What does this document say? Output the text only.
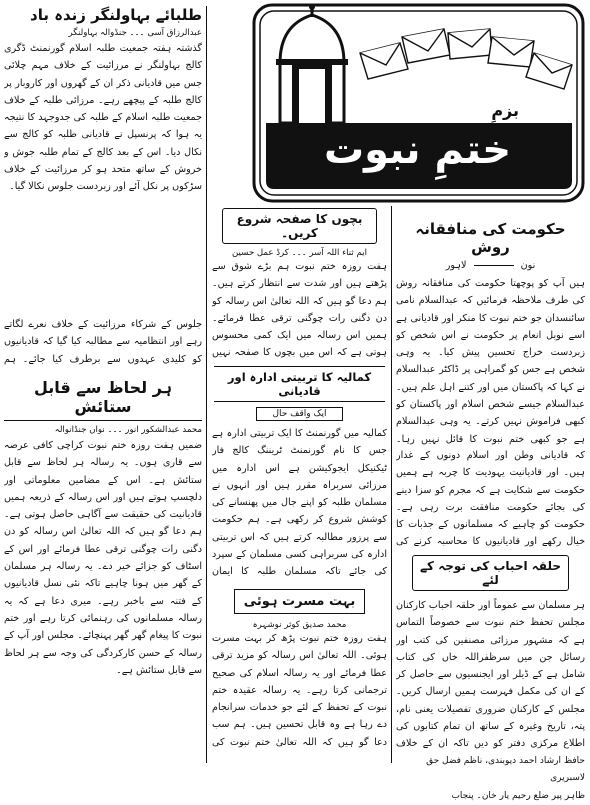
بزمِ
ختمِ نبوت
حکومت کی منافقانہ روش
نون  لاہور
ہیں آپ کو پوچھتا حکومت کی منافقانہ روش کی طرف ملاحظہ فرمائیں کہ عبدالسلام نامی سائنسدان جو ختم نبوت کا منکر اور قادیانی ہے اسے نوبل انعام پر حکومت نے اس شخص کو زبردست خراج تحسین پیش کیا۔ یہ وہی شخص ہے جس کو گمراہی پر ڈاکٹر عبدالسلام نے کہا کہ پاکستان میں اور کتنے اہل علم ہیں۔ عبدالسلام جیسے شخص اسلام اور پاکستان کو کبھی فراموش نہیں کرتے۔ یہ وہی عبدالسلام ہے جو کبھی ختم نبوت کا قائل نہیں رہا۔
کہ قادیانی وطن اور اسلام دونوں کے غدار ہیں۔ اور قادیانیت یہودیت کا چربہ ہے ہمیں حکومت سے شکایت ہے کہ مجرم کو سزا دینے کی بجائے حکومت منافقت برت رہی ہے۔ حکومت کو چاہیے کہ مسلمانوں کے جذبات کا خیال رکھے اور قادیانیوں کا محاسبہ کرنے کی
حلقہ احباب کی توجہ کے لئے
ہر مسلمان سے عموماً اور حلقہ احباب کارکنان مجلس تحفظ ختم نبوت سے خصوصاً التماس ہے کہ مشہور مرزائی مصنفین کی کتب اور رسائل جن میں سرظفراللہ خاں کی کتاب شامل ہے کے ڈیلر اور ایجنسیوں سے حاصل کر کے ان کی مکمل فہرست ہمیں ارسال کریں۔ مجلس کے کارکنان ضروری تفصیلات یعنی نام، پتہ، تاریخ وغیرہ کے ساتھ ان تمام کتابوں کی اطلاع مرکزی دفتر کو دیں تاکہ ان کے خلاف
حافظ ارشاد احمد دیوبندی، ناظم فضل حق لاسبریری
ظاہر پیر ضلع رحیم یار خان۔ پنجاب
بچوں کا صفحہ شروع کریں۔
ایم ثناء اللہ آسر ۔۔۔ کرڈ عمل حسین
ہفت روزہ ختم نبوت ہم بڑے شوق سے پڑھتے ہیں اور شدت سے انتظار کرتے ہیں۔ ہم دعا گو ہیں کہ اللہ تعالیٰ اس رسالہ کو دن دگنی رات چوگنی ترقی عطا فرمائے۔ ہمیں اس رسالہ میں ایک کمی محسوس ہوتی ہے کہ اس میں بچوں کا صفحہ نہیں
کمالیہ کا تربیتی ادارہ اور قادیانی
ایک واقف حال
کمالیہ میں گورنمنٹ کا ایک تربیتی ادارہ ہے جس کا نام گورنمنٹ ٹریننگ کالج فار ٹیکنیکل ایجوکیشن ہے اس ادارہ میں مرزائی سربراہ مقرر ہیں اور انہوں نے مسلمان طلبہ کو اپنے جال میں پھنسانے کی کوشش شروع کر رکھی ہے۔ ہم حکومت سے پرزور مطالبہ کرتے ہیں کہ اس تربیتی ادارہ کی سربراہی کسی مسلمان کے سپرد کی جائے تاکہ مسلمان طلبہ کا ایمان
بہت مسرت ہوئی
محمد صدیق کوثر نوشہرہ
ہفت روزہ ختم نبوت پڑھ کر بہت مسرت ہوئی۔ اللہ تعالیٰ اس رسالہ کو مزید ترقی عطا فرمائے اور یہ رسالہ اسلام کی صحیح ترجمانی کرتا رہے۔ یہ رسالہ عقیدہ ختم نبوت کے تحفظ کے لئے جو خدمات سرانجام دے رہا ہے وہ قابل تحسین ہیں۔ ہم سب دعا گو ہیں کہ اللہ تعالیٰ ختم نبوت کی
طلبائے بہاولنگر زندہ باد
عبدالرزاق آسی ۔۔۔ جنڈوالہ بہاولنگر
گذشتہ ہفتہ جمعیت طلبہ اسلام گورنمنٹ ڈگری کالج بہاولنگر نے مرزائیت کے خلاف مہم چلائی جس میں قادیانی ذکر ان کے گھروں اور کاروبار پر کالج طلبہ کے پیچھے رہے۔ مرزائی طلبہ کے خلاف جمعیت طلبہ اسلام کے طلبہ کی جدوجہد کا نتیجہ یہ ہوا کہ پرنسپل نے قادیانی طلبہ کو کالج سے نکال دیا۔ اس کے بعد کالج کے تمام طلبہ جوش و خروش کے ساتھ متحد ہو کر مرزائیت کے خلاف سڑکوں پر نکل آئے اور زبردست جلوس نکالا گیا۔
جلوس کے شرکاء مرزائیت کے خلاف نعرے لگاتے رہے اور انتظامیہ سے مطالبہ کیا گیا کہ قادیانیوں کو کلیدی عہدوں سے برطرف کیا جائے۔ ہم
ہر لحاظ سے قابل ستائش
محمد عبدالشکور انور ۔۔۔ نواں جنڈانوالہ
ضمیں ہفت روزہ ختم نبوت کراچی کافی عرصہ سے قاری ہوں۔ یہ رسالہ ہر لحاظ سے قابل ستائش ہے۔ اس کے مضامین معلوماتی اور دلچسپ ہوتے ہیں اور اس رسالہ کے ذریعہ ہمیں قادیانیت کی حقیقت سے آگاہی حاصل ہوتی ہے۔ ہم دعا گو ہیں کہ اللہ تعالیٰ اس رسالہ کو دن دگنی رات چوگنی ترقی عطا فرمائے اور اس کے اسٹاف کو جزائے خیر دے۔ یہ رسالہ ہر مسلمان کے گھر میں ہونا چاہیے تاکہ نئی نسل قادیانیوں کے فتنہ سے باخبر رہے۔ میری دعا ہے کہ یہ رسالہ مسلمانوں کی رہنمائی کرتا رہے اور ختم نبوت کا پیغام گھر گھر پہنچائے۔ مجلس اور آپ کے رسالہ کے حسن کارکردگی کی وجہ سے ہر لحاظ سے قابل ستائش ہے۔
